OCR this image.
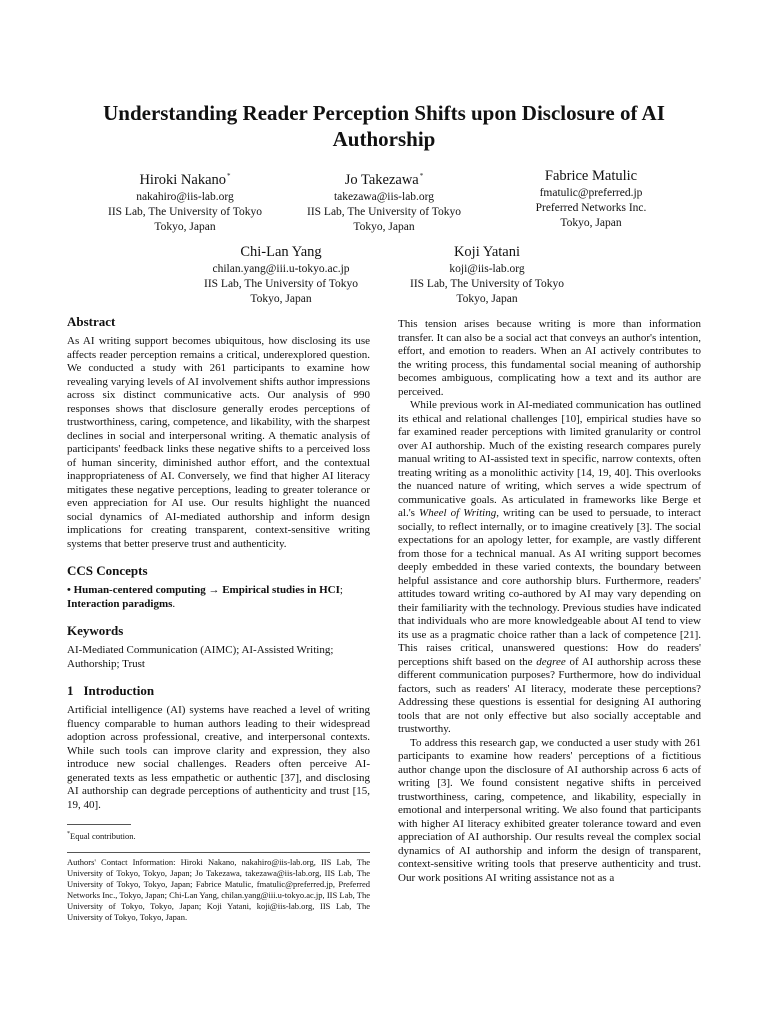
Understanding Reader Perception Shifts upon Disclosure of AI Authorship
Hiroki Nakano*
nakahiro@iis-lab.org
IIS Lab, The University of Tokyo
Tokyo, Japan
Jo Takezawa*
takezawa@iis-lab.org
IIS Lab, The University of Tokyo
Tokyo, Japan
Fabrice Matulic
fmatulic@preferred.jp
Preferred Networks Inc.
Tokyo, Japan
Chi-Lan Yang
chilan.yang@iii.u-tokyo.ac.jp
IIS Lab, The University of Tokyo
Tokyo, Japan
Koji Yatani
koji@iis-lab.org
IIS Lab, The University of Tokyo
Tokyo, Japan
Abstract

As AI writing support becomes ubiquitous, how disclosing its use affects reader perception remains a critical, underexplored question. We conducted a study with 261 participants to examine how revealing varying levels of AI involvement shifts author impressions across six distinct communicative acts. Our analysis of 990 responses shows that disclosure generally erodes perceptions of trustworthiness, caring, competence, and likability, with the sharpest declines in social and interpersonal writing. A thematic analysis of participants' feedback links these negative shifts to a perceived loss of human sincerity, diminished author effort, and the contextual inappropriateness of AI. Conversely, we find that higher AI literacy mitigates these negative perceptions, leading to greater tolerance or even appreciation for AI use. Our results highlight the nuanced social dynamics of AI-mediated authorship and inform design implications for creating transparent, context-sensitive writing systems that better preserve trust and authenticity.

CCS Concepts

• Human-centered computing → Empirical studies in HCI; Interaction paradigms.

Keywords

AI-Mediated Communication (AIMC); AI-Assisted Writing; Authorship; Trust

1 Introduction

Artificial intelligence (AI) systems have reached a level of writing fluency comparable to human authors leading to their widespread adoption across professional, creative, and interpersonal contexts. While such tools can improve clarity and expression, they also introduce new social challenges. Readers often perceive AI-generated texts as less empathetic or authentic [37], and disclosing AI authorship can degrade perceptions of authenticity and trust [15, 19, 40].

*Equal contribution.
Authors' Contact Information: Hiroki Nakano, nakahiro@iis-lab.org, IIS Lab, The University of Tokyo, Tokyo, Japan; Jo Takezawa, takezawa@iis-lab.org, IIS Lab, The University of Tokyo, Tokyo, Japan; Fabrice Matulic, fmatulic@preferred.jp, Preferred Networks Inc., Tokyo, Japan; Chi-Lan Yang, chilan.yang@iii.u-tokyo.ac.jp, IIS Lab, The University of Tokyo, Tokyo, Japan; Koji Yatani, koji@iis-lab.org, IIS Lab, The University of Tokyo, Tokyo, Japan.

This tension arises because writing is more than information transfer. It can also be a social act that conveys an author's intention, effort, and emotion to readers. When an AI actively contributes to the writing process, this fundamental social meaning of authorship becomes ambiguous, complicating how a text and its author are perceived.

While previous work in AI-mediated communication has outlined its ethical and relational challenges [10], empirical studies have so far examined reader perceptions with limited granularity or control over AI authorship. Much of the existing research compares purely manual writing to AI-assisted text in specific, narrow contexts, often treating writing as a monolithic activity [14, 19, 40]. This overlooks the nuanced nature of writing, which serves a wide spectrum of communicative goals. As articulated in frameworks like Berge et al.'s Wheel of Writing, writing can be used to persuade, to interact socially, to reflect internally, or to imagine creatively [3]. The social expectations for an apology letter, for example, are vastly different from those for a technical manual. As AI writing support becomes deeply embedded in these varied contexts, the boundary between helpful assistance and core authorship blurs. Furthermore, readers' attitudes toward writing co-authored by AI may vary depending on their familiarity with the technology. Previous studies have indicated that individuals who are more knowledgeable about AI tend to view its use as a pragmatic choice rather than a lack of competence [21]. This raises critical, unanswered questions: How do readers' perceptions shift based on the degree of AI authorship across these different communication purposes? Furthermore, how do individual factors, such as readers' AI literacy, moderate these perceptions? Addressing these questions is essential for designing AI authoring tools that are not only effective but also socially acceptable and trustworthy.

To address this research gap, we conducted a user study with 261 participants to examine how readers' perceptions of a fictitious author change upon the disclosure of AI authorship across 6 acts of writing [3]. We found consistent negative shifts in perceived trustworthiness, caring, competence, and likability, especially in emotional and interpersonal writing. We also found that participants with higher AI literacy exhibited greater tolerance toward and even appreciation of AI authorship. Our results reveal the complex social dynamics of AI authorship and inform the design of transparent, context-sensitive writing tools that preserve authenticity and trust. Our work positions AI writing assistance not as a
